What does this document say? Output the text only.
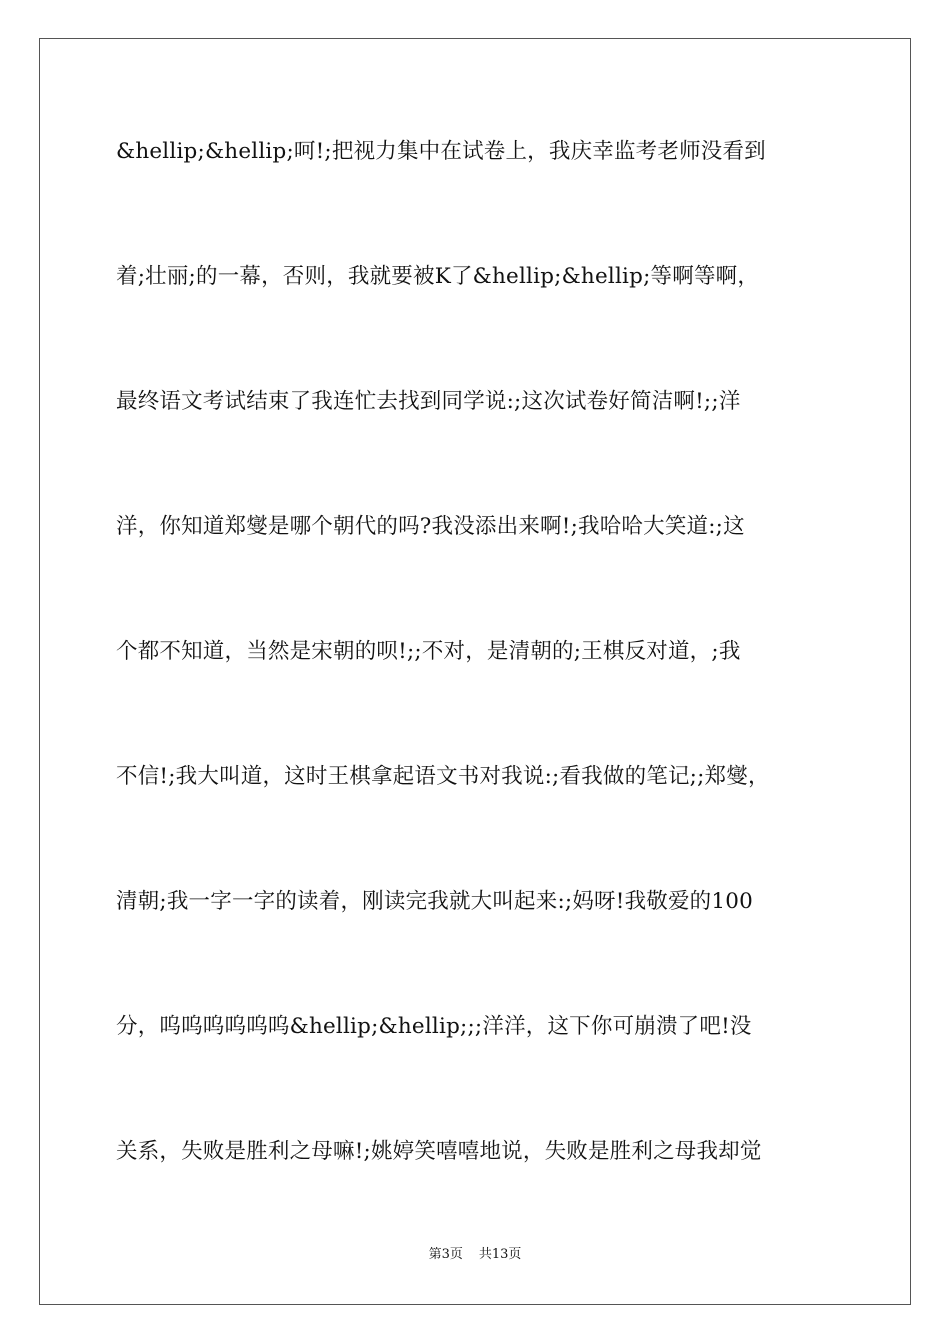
&hellip;&hellip;呵!;把视力集中在试卷上，我庆幸监考老师没看到
着;壮丽;的一幕，否则，我就要被K了&hellip;&hellip;等啊等啊，
最终语文考试结束了我连忙去找到同学说:;这次试卷好简洁啊!;;洋
洋，你知道郑燮是哪个朝代的吗?我没添出来啊!;我哈哈大笑道:;这
个都不知道，当然是宋朝的呗!;;不对，是清朝的;王棋反对道，;我
不信!;我大叫道，这时王棋拿起语文书对我说:;看我做的笔记;;郑燮，
清朝;我一字一字的读着，刚读完我就大叫起来:;妈呀!我敬爱的100
分，呜呜呜呜呜呜&hellip;&hellip;;;洋洋，这下你可崩溃了吧!没
关系，失败是胜利之母嘛!;姚婷笑嘻嘻地说，失败是胜利之母我却觉
第3页 共13页
